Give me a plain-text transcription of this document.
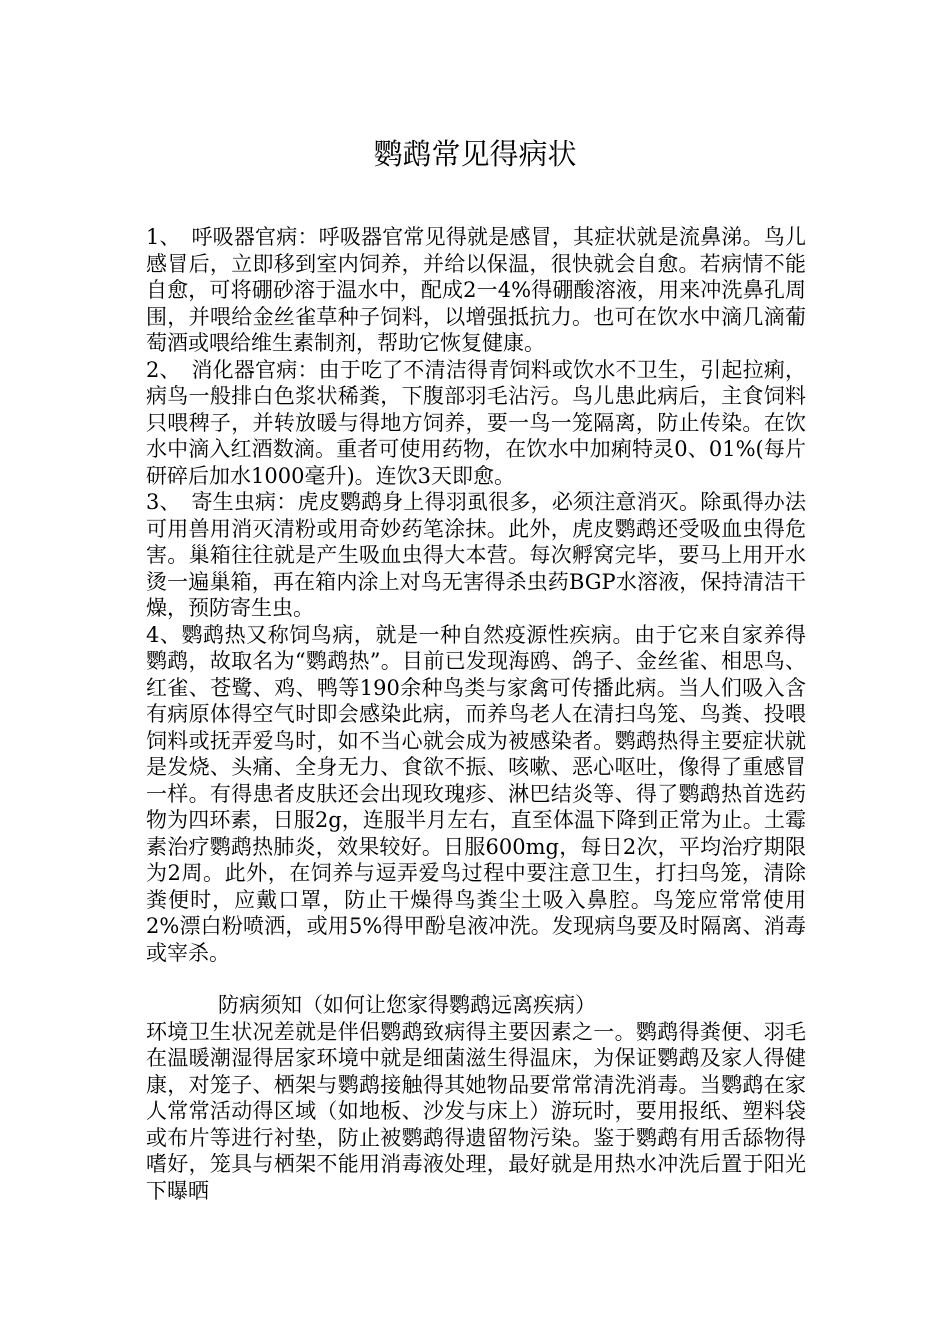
鹦鹉常见得病状

1、　呼吸器官病：呼吸器官常见得就是感冒，其症状就是流鼻涕。鸟儿感冒后，立即移到室内饲养，并给以保温，很快就会自愈。若病情不能自愈，可将硼砂溶于温水中，配成2一4%得硼酸溶液，用来冲洗鼻孔周围，并喂给金丝雀草种子饲料，以增强抵抗力。也可在饮水中滴几滴葡萄酒或喂给维生素制剂，帮助它恢复健康。

2、　消化器官病：由于吃了不清洁得青饲料或饮水不卫生，引起拉痢，病鸟一般排白色浆状稀粪，下腹部羽毛沾污。鸟儿患此病后，主食饲料只喂稗子，并转放暖与得地方饲养，要一鸟一笼隔离，防止传染。在饮水中滴入红酒数滴。重者可使用药物，在饮水中加痢特灵0、01%(每片研碎后加水1000毫升)。连饮3天即愈。

3、　寄生虫病：虎皮鹦鹉身上得羽虱很多，必须注意消灭。除虱得办法可用兽用消灭清粉或用奇妙药笔涂抹。此外，虎皮鹦鹉还受吸血虫得危害。巢箱往往就是产生吸血虫得大本营。每次孵窝完毕，要马上用开水烫一遍巢箱，再在箱内涂上对鸟无害得杀虫药BGP水溶液，保持清洁干燥，预防寄生虫。

4、鹦鹉热又称饲鸟病，就是一种自然疫源性疾病。由于它来自家养得鹦鹉，故取名为“鹦鹉热”。目前已发现海鸥、鸽子、金丝雀、相思鸟、红雀、苍鹭、鸡、鸭等190余种鸟类与家禽可传播此病。当人们吸入含有病原体得空气时即会感染此病，而养鸟老人在清扫鸟笼、鸟粪、投喂饲料或抚弄爱鸟时，如不当心就会成为被感染者。鹦鹉热得主要症状就是发烧、头痛、全身无力、食欲不振、咳嗽、恶心呕吐，像得了重感冒一样。有得患者皮肤还会出现玫瑰疹、淋巴结炎等、得了鹦鹉热首选药物为四环素，日服2g，连服半月左右，直至体温下降到正常为止。土霉素治疗鹦鹉热肺炎，效果较好。日服600mg，每日2次，平均治疗期限为2周。此外，在饲养与逗弄爱鸟过程中要注意卫生，打扫鸟笼，清除粪便时，应戴口罩，防止干燥得鸟粪尘土吸入鼻腔。鸟笼应常常使用2%漂白粉喷洒，或用5%得甲酚皂液冲洗。发现病鸟要及时隔离、消毒或宰杀。

防病须知（如何让您家得鹦鹉远离疾病）

环境卫生状况差就是伴侣鹦鹉致病得主要因素之一。鹦鹉得粪便、羽毛在温暖潮湿得居家环境中就是细菌滋生得温床，为保证鹦鹉及家人得健康，对笼子、栖架与鹦鹉接触得其她物品要常常清洗消毒。当鹦鹉在家人常常活动得区域（如地板、沙发与床上）游玩时，要用报纸、塑料袋或布片等进行衬垫，防止被鹦鹉得遗留物污染。鉴于鹦鹉有用舌舔物得嗜好，笼具与栖架不能用消毒液处理，最好就是用热水冲洗后置于阳光下曝晒
